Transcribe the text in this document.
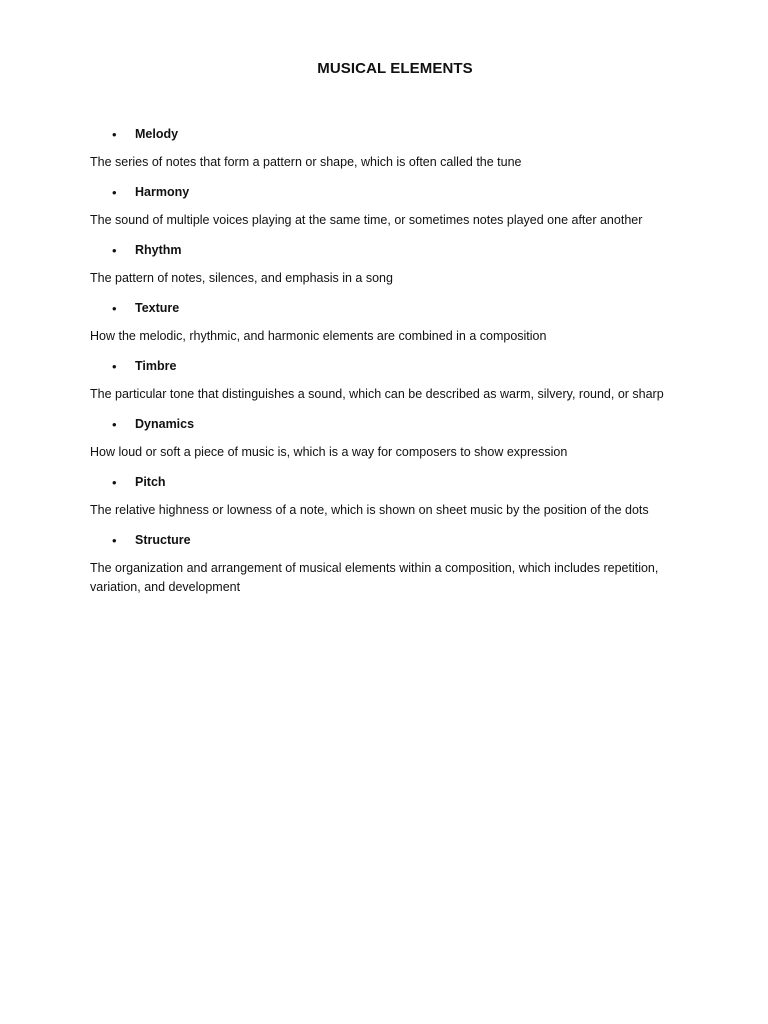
MUSICAL ELEMENTS
• Melody
The series of notes that form a pattern or shape, which is often called the tune
• Harmony
The sound of multiple voices playing at the same time, or sometimes notes played one after another
• Rhythm
The pattern of notes, silences, and emphasis in a song
• Texture
How the melodic, rhythmic, and harmonic elements are combined in a composition
• Timbre
The particular tone that distinguishes a sound, which can be described as warm, silvery, round, or sharp
• Dynamics
How loud or soft a piece of music is, which is a way for composers to show expression
• Pitch
The relative highness or lowness of a note, which is shown on sheet music by the position of the dots
• Structure
The organization and arrangement of musical elements within a composition, which includes repetition, variation, and development
